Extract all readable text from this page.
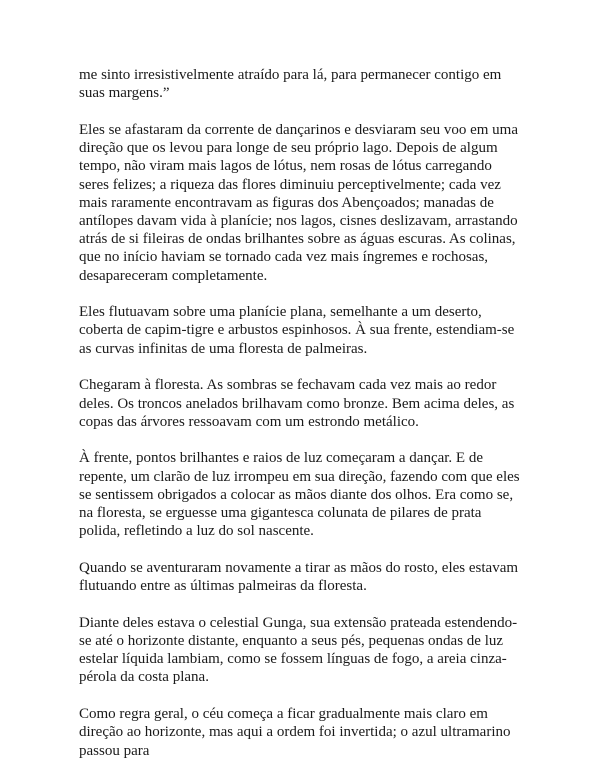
me sinto irresistivelmente atraído para lá, para permanecer contigo em suas margens.”

Eles se afastaram da corrente de dançarinos e desviaram seu voo em uma direção que os levou para longe de seu próprio lago. Depois de algum tempo, não viram mais lagos de lótus, nem rosas de lótus carregando seres felizes; a riqueza das flores diminuiu perceptivelmente; cada vez mais raramente encontravam as figuras dos Abençoados; manadas de antílopes davam vida à planície; nos lagos, cisnes deslizavam, arrastando atrás de si fileiras de ondas brilhantes sobre as águas escuras. As colinas, que no início haviam se tornado cada vez mais íngremes e rochosas, desapareceram completamente.

Eles flutuavam sobre uma planície plana, semelhante a um deserto, coberta de capim-tigre e arbustos espinhosos. À sua frente, estendiam-se as curvas infinitas de uma floresta de palmeiras.

Chegaram à floresta. As sombras se fechavam cada vez mais ao redor deles. Os troncos anelados brilhavam como bronze. Bem acima deles, as copas das árvores ressoavam com um estrondo metálico.

À frente, pontos brilhantes e raios de luz começaram a dançar. E de repente, um clarão de luz irrompeu em sua direção, fazendo com que eles se sentissem obrigados a colocar as mãos diante dos olhos. Era como se, na floresta, se erguesse uma gigantesca colunata de pilares de prata polida, refletindo a luz do sol nascente.

Quando se aventuraram novamente a tirar as mãos do rosto, eles estavam flutuando entre as últimas palmeiras da floresta.

Diante deles estava o celestial Gunga, sua extensão prateada estendendo-se até o horizonte distante, enquanto a seus pés, pequenas ondas de luz estelar líquida lambiam, como se fossem línguas de fogo, a areia cinza-pérola da costa plana.

Como regra geral, o céu começa a ficar gradualmente mais claro em direção ao horizonte, mas aqui a ordem foi invertida; o azul ultramarino passou para
